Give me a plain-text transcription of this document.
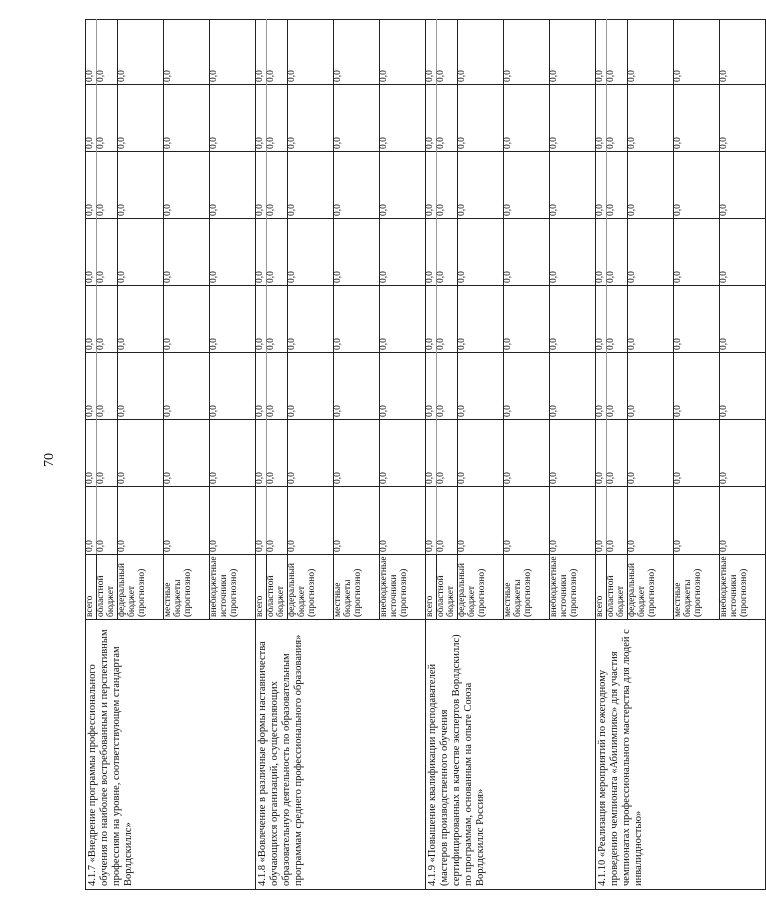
70
4.1.7 «Внедрение программы профессионального обучения по наиболее востребованным и перспективным профессиям на уровне, соответствующем стандартам Ворлдскиллс»	всего	0,0	0,0	0,0	0,0	0,0	0,0	0,0	0,0
	областной бюджет	0,0	0,0	0,0	0,0	0,0	0,0	0,0	0,0
	федеральный бюджет (прогнозно)	0,0	0,0	0,0	0,0	0,0	0,0	0,0	0,0
	местные бюджеты (прогнозно)	0,0	0,0	0,0	0,0	0,0	0,0	0,0	0,0
	внебюджетные источники (прогнозно)	0,0	0,0	0,0	0,0	0,0	0,0	0,0	0,0
4.1.8 «Вовлечение в различные формы наставничества обучающихся организаций, осуществляющих образовательную деятельность по образовательным программам среднего профессионального образования»	всего	0,0	0,0	0,0	0,0	0,0	0,0	0,0	0,0
	областной бюджет	0,0	0,0	0,0	0,0	0,0	0,0	0,0	0,0
	федеральный бюджет (прогнозно)	0,0	0,0	0,0	0,0	0,0	0,0	0,0	0,0
	местные бюджеты (прогнозно)	0,0	0,0	0,0	0,0	0,0	0,0	0,0	0,0
	внебюджетные источники (прогнозно)	0,0	0,0	0,0	0,0	0,0	0,0	0,0	0,0
4.1.9 «Повышение квалификации преподавателей (мастеров производственного обучения сертифицированных в качестве экспертов Ворлдскиллс) по программам, основанным на опыте Союза Ворлдскиллс Россия»	всего	0,0	0,0	0,0	0,0	0,0	0,0	0,0	0,0
	областной бюджет	0,0	0,0	0,0	0,0	0,0	0,0	0,0	0,0
	федеральный бюджет (прогнозно)	0,0	0,0	0,0	0,0	0,0	0,0	0,0	0,0
	местные бюджеты (прогнозно)	0,0	0,0	0,0	0,0	0,0	0,0	0,0	0,0
	внебюджетные источники (прогнозно)	0,0	0,0	0,0	0,0	0,0	0,0	0,0	0,0
4.1.10 «Реализация мероприятий по ежегодному проведению чемпионата «Абилимпикс» для участия чемпионатах профессионального мастерства для людей с инвалидностью»	всего	0,0	0,0	0,0	0,0	0,0	0,0	0,0	0,0
	областной бюджет	0,0	0,0	0,0	0,0	0,0	0,0	0,0	0,0
	федеральный бюджет (прогнозно)	0,0	0,0	0,0	0,0	0,0	0,0	0,0	0,0
	местные бюджеты (прогнозно)	0,0	0,0	0,0	0,0	0,0	0,0	0,0	0,0
	внебюджетные источники (прогнозно)	0,0	0,0	0,0	0,0	0,0	0,0	0,0	0,0
